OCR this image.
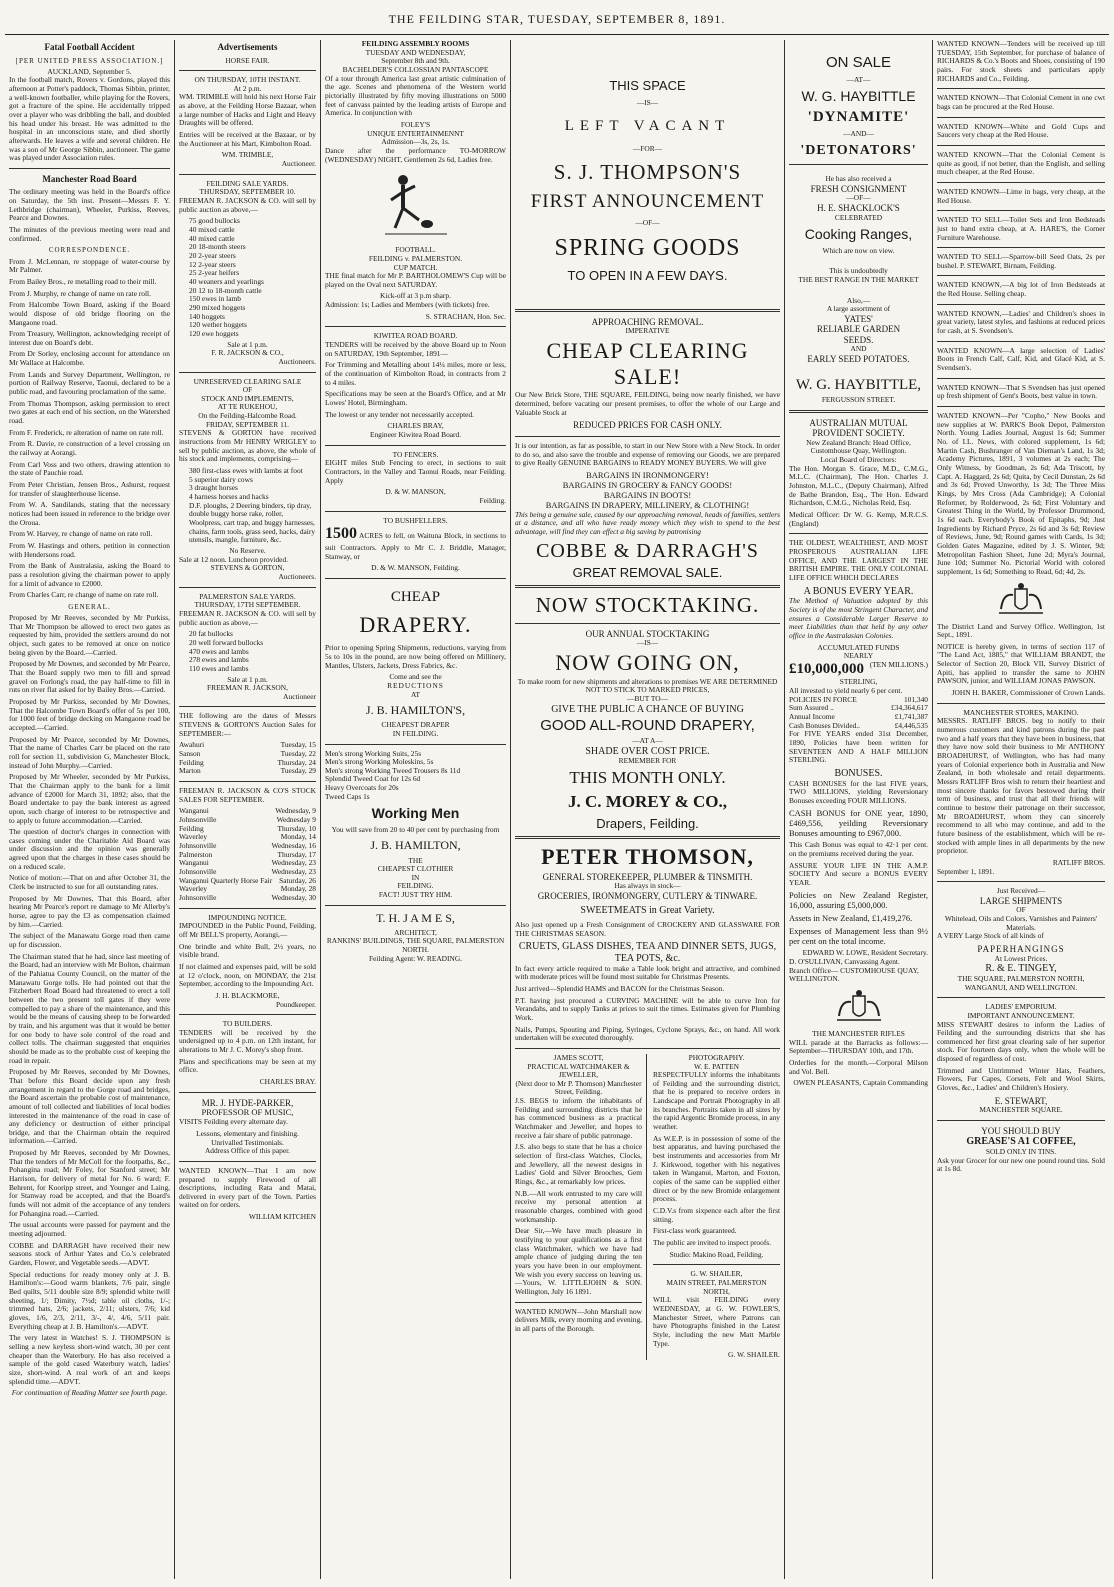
THE FEILDING STAR, TUESDAY, SEPTEMBER 8, 1891.
Fatal Football Accident
[PER UNITED PRESS ASSOCIATION.]
AUCKLAND, September 5.

In the football match, Rovers v. Gordons, played this afternoon at Potter's paddock, Thomas Sibbin, printer, a well-known footballer, while playing for the Rovers, got a fracture of the spine. He accidentally tripped over a player who was dribbling the ball, and doubled his head under his breast. He was admitted to the hospital in an unconscious state, and died shortly afterwards. He leaves a wife and several children. He was a son of Mr George Sibbin, auctioneer. The game was played under Association rules.

Manchester Road Board

The ordinary meeting was held in the Board's office on Saturday, the 5th inst. Present—Messrs F. Y. Lethbridge (chairman), Wheeler, Purkiss, Reeves, Pearce and Downes.

The minutes of the previous meeting were read and confirmed.

CORRESPONDENCE.

From J. McLennan, re stoppage of water-course by Mr Palmer.

From Bailey Bros., re metalling road to their mill.

From J. Murphy, re change of name on rate roll.

From Halcombe Town Board, asking if the Board would dispose of old bridge flooring on the Mangaone road.

From Treasury, Wellington, acknowledging receipt of interest due on Board's debt.

From Dr Sorley, enclosing account for attendance on Mr Wallace at Halcombe.

From Lands and Survey Department, Wellington, re portion of Railway Reserve, Taonui, declared to be a public road, and favouring proclamation of the same.

From Thomas Thompson, asking permission to erect two gates at each end of his section, on the Watershed road.

From F. Frederick, re alteration of name on rate roll.

From R. Davie, re construction of a level crossing on the railway at Aorangi.

From Carl Voss and two others, drawing attention to the state of Pauchie road.

From Peter Christian, Jensen Bros., Ashurst, request for transfer of slaughterhouse license.

From W. A. Sandilands, stating that the necessary notices had been issued in reference to the bridge over the Oroua.

From W. Harvey, re change of name on rate roll.

From W. Hastings and others, petition in connection with Hendersons road.

From the Bank of Australasia, asking the Board to pass a resolution giving the chairman power to apply for a limit of advance to £2000.

From Charles Carr, re change of name on rate roll.

GENERAL.

Proposed by Mr Reeves, seconded by Mr Purkiss, That Mr Thompson be allowed to erect two gates as requested by him, provided the settlers around do not object, such gates to be removed at once on notice being given by the Board.—Carried.

Proposed by Mr Downes, and seconded by Mr Pearce, That the Board supply two men to fill and spread gravel on Forlong's road, the pay half-time to fill in ruts on river flat asked for by Bailey Bros.—Carried.

Proposed by Mr Purkiss, seconded by Mr Downes, That the Halcombe Town Board's offer of 5s per 100, for 1000 feet of bridge decking on Mangaone road be accepted.—Carried.

Proposed by Mr Pearce, seconded by Mr Downes, That the name of Charles Carr be placed on the rate roll for section 11, subdivision G, Manchester Block, instead of John Murphy.—Carried.

Proposed by Mr Wheeler, seconded by Mr Purkiss, That the Chairman apply to the bank for a limit advance of £2000 for March 31, 1892; also, that the Board undertake to pay the bank interest as agreed upon, such charge of interest to be retrospective and to apply to future accommodation.—Carried.

The question of doctor's charges in connection with cases coming under the Charitable Aid Board was under discussion and the opinion was generally agreed upon that the charges in these cases should be on a reduced scale.

Notice of motion:—That on and after October 31, the Clerk be instructed to sue for all outstanding rates.

Proposed by Mr Downes, That this Board, after hearing Mr Pearce's report re damage to Mr Allerby's horse, agree to pay the £3 as compensation claimed by him.—Carried.

The subject of the Manawatu Gorge road then came up for discussion.

The Chairman stated that he had, since last meeting of the Board, had an interview with Mr Bolton, chairman of the Pahiatua County Council, on the matter of the Manawatu Gorge tolls. He had pointed out that the Fitzherbert Road Board had threatened to erect a toll between the two present toll gates if they were compelled to pay a share of the maintenance, and this would be the means of causing sheep to be forwarded by train, and his argument was that it would be better for one body to have sole control of the road and collect tolls. The chairman suggested that enquiries should be made as to the probable cost of keeping the road in repair.

Proposed by Mr Reeves, seconded by Mr Downes, That before this Board decide upon any fresh arrangement in regard to the Gorge road and bridges, the Board ascertain the probable cost of maintenance, amount of toll collected and liabilities of local bodies interested in the maintenance of the road in case of any deficiency or destruction of either principal bridge, and that the Chairman obtain the required information.—Carried.

Proposed by Mr Reeves, seconded by Mr Downes, That the tenders of Mr McColl for the footpaths, &c., Pohangina road; Mr Foley, for Stanford street; Mr Harrison, for delivery of metal for No. 6 ward; F. Behrent, for Kooripp street, and Younger and Laing, for Stanway road be accepted, and that the Board's funds will not admit of the acceptance of any tenders for Pohangina road.—Carried.

The usual accounts were passed for payment and the meeting adjourned.

COBBE and DARRAGH have received their new seasons stock of Arthur Yates and Co.'s celebrated Garden, Flower, and Vegetable seeds.—ADVT.

Special reductions for ready money only at J. B. Hamilton's:—Good warm blankets, 7/6 pair, single Bed quilts, 5/11 double size 8/9; splendid white twill sheeting, 1/; Dimity, 7½d; table oil cloths, 1/-; trimmed hats, 2/6; jackets, 2/11; ulsters, 7/6; kid gloves, 1/6, 2/3, 2/11, 3/-, 4/, 4/6, 5/11 pair. Everything cheap at J. B. Hamilton's.—ADVT.

The very latest in Watches! S. J. THOMPSON is selling a new keyless short-wind watch, 30 per cent cheaper than the Waterbury. He has also received a sample of the gold cased Waterbury watch, ladies' size, short-wind. A real work of art and keeps splendid time.—ADVT.

For continuation of Reading Matter see fourth page.
Advertisements
HORSE FAIR.
ON THURSDAY, 10TH INSTANT.
At 2 p.m.

WM. TRIMBLE will hold his next Horse Fair as above, at the Feilding Horse Bazaar, when a large number of Hacks and Light and Heavy Draughts will be offered.

Entries will be received at the Bazaar, or by the Auctioneer at his Mart, Kimbolton Road.

WM. TRIMBLE,
Auctioneer.
FEILDING SALE YARDS.
THURSDAY, SEPTEMBER 10.

FREEMAN R. JACKSON & CO. will sell by public auction as above,—

75 good bullocks
40 mixed cattle
40 mixed cattle
20 18-month steers
20 2-year steers
12 2-year steers
25 2-year heifers
40 weaners and yearlings
20 12 to 18-month cattle
150 ewes in lamb
290 mixed hoggets
140 hoggets
120 wether hoggets
120 ewe hoggets
Sale at 1 p.m.
F. R. JACKSON & CO.,
Auctioneers.
UNRESERVED CLEARING SALE
OF
STOCK AND IMPLEMENTS,
AT TE RUKEHOU,
On the Feilding-Halcombe Road.
FRIDAY, SEPTEMBER 11.

STEVENS & GORTON have received instructions from Mr HENRY WRIGLEY to sell by public auction, as above, the whole of his stock and implements, comprising—

380 first-class ewes with lambs at foot
5 superior dairy cows
3 draught horses
4 harness horses and hacks
D.F. ploughs, 2 Deering binders, tip dray, double buggy horse rake, roller, Woolpress, cart trap, and buggy harnesses, chains, farm tools, grass seed, hacks, dairy utensils, mangle, furniture, &c.
No Reserve.
Sale at 12 noon. Luncheon provided.
STEVENS & GORTON,
Auctioneers.
PALMERSTON SALE YARDS.
THURSDAY, 17TH SEPTEMBER.

FREEMAN R. JACKSON & CO. will sell by public auction as above,—

20 fat bullocks
20 well forward bullocks
470 ewes and lambs
278 ewes and lambs
110 ewes and lambs
Sale at 1 p.m.
FREEMAN R. JACKSON,
Auctioneer

THE following are the dates of Messrs STEVENS & GORTON'S Auction Sales for SEPTEMBER:—

Awahuri	Tuesday, 15
Sanson	Tuesday, 22
Feilding	Thursday, 24
Marton	Tuesday, 29

FREEMAN R. JACKSON & CO'S STOCK SALES FOR SEPTEMBER.

Wanganui	Wednesday, 9
Johnsonville	Wednesday 9
Feilding	Thursday, 10
Waverley	Monday, 14
Johnsonville	Wednesday, 16
Palmerston	Thursday, 17
Wanganui	Wednesday, 23
Johnsonville	Wednesday, 23
Wanganui Quarterly Horse Fair Saturday, 26
Waverley	Monday, 28
Johnsonville	Wednesday, 30
IMPOUNDING NOTICE.

IMPOUNDED in the Public Pound, Feilding, off Mr BELL'S property, Aorangi,—

One brindle and white Bull, 2½ years, no visible brand.

If not claimed and expenses paid, will be sold at 12 o'clock, noon, on MONDAY, the 21st September, according to the Impounding Act.

J. H. BLACKMORE,
Poundkeeper.
TO BUILDERS.

TENDERS will be received by the undersigned up to 4 p.m. on 12th instant, for alterations to Mr J. C. Morey's shop front.

Plans and specifications may be seen at my office.

CHARLES BRAY.
MR. J. HYDE-PARKER,
PROFESSOR OF MUSIC,

VISITS Feilding every alternate day.

Lessons, elementary and finishing.
Unrivalled Testimonials.
Address Office of this paper.

WANTED KNOWN—That I am now prepared to supply Firewood of all descriptions, including Rata and Matai, delivered in every part of the Town. Parties waited on for orders.

WILLIAM KITCHEN
FEILDING ASSEMBLY ROOMS
TUESDAY AND WEDNESDAY,
September 8th and 9th.
BACHELDER'S COLLOSSIAN PANTASCOPE

Of a tour through America last great artistic culmination of the age. Scenes and phenomena of the Western world pictorially illustrated by fifty moving illustrations on 5000 feet of canvass painted by the leading artists of Europe and America. In conjunction with

FOLEY'S
UNIQUE ENTERTAINMENNT
Admission—3s, 2s, 1s.

Dance after the performance TO-MORROW (WEDNESDAY) NIGHT, Gentlemen 2s 6d, Ladies free.

FOOTBALL.
FEILDING v. PALMERSTON.
CUP MATCH.

THE final match for Mr P. BARTHOLOMEW'S Cup will be played on the Oval next SATURDAY.

Kick-off at 3 p.m sharp.

Admission: 1s; Ladies and Members (with tickets) free.

S. STRACHAN, Hon. Sec.
KIWITEA ROAD BOARD.

TENDERS will be received by the above Board up to Noon on SATURDAY, 19th September, 1891—

For Trimming and Metalling about 14¼ miles, more or less, of the continuation of Kimbolton Road, in contracts from 2 to 4 miles.

Specifications may be seen at the Board's Office, and at Mr Lowes' Hotel, Birmingham.

The lowest or any tender not necessarily accepted.

CHARLES BRAY,
Engineer Kiwitea Road Board.
TO FENCERS.

EIGHT miles Stub Fencing to erect, in sections to suit Contractors, in the Valley and Taonui Roads, near Feilding. Apply

D. & W. MANSON,
Feilding.
TO BUSHFELLERS.

1500 ACRES to fell, on Waituna Block, in sections to suit Contractors. Apply to Mr C. J. Briddle, Manager, Stanway, or

D. & W. MANSON, Feilding.
CHEAP
DRAPERY.

Prior to opening Spring Shipments, reductions, varying from 5s to 10s in the pound, are now being offered on Millinery, Mantles, Ulsters, Jackets, Dress Fabrics, &c.

Come and see the
REDUCTIONS
AT
J. B. HAMILTON'S,
CHEAPEST DRAPER
IN FEILDING.
Men's strong Working Suits, 25s
Men's strong Working Moleskins, 5s
Men's strong Working Tweed Trousers 8s 11d
Splendid Tweed Coat for 12s 6d
Heavy Overcoats for 20s
Tweed Caps 1s
Working Men
You will save from 20 to 40 per cent by purchasing from
J. B. HAMILTON,
THE
CHEAPEST CLOTHIER
IN
FEILDING.
FACT! JUST TRY HIM.
T. H. J A M E S,
ARCHITECT,
RANKINS' BUILDINGS, THE SQUARE, PALMERSTON NORTH.
Feilding Agent: W. READING.
THIS SPACE
—IS—
LEFT VACANT
—FOR—
S. J. THOMPSON'S
FIRST ANNOUNCEMENT
—OF—
SPRING GOODS
TO OPEN IN A FEW DAYS.
APPROACHING REMOVAL.
IMPERATIVE
CHEAP CLEARING SALE!

Our New Brick Store, THE SQUARE, FEILDING, being now nearly finished, we have determined, before vacating our present premises, to offer the whole of our Large and Valuable Stock at

REDUCED PRICES FOR CASH ONLY.

It is our intention, as far as possible, to start in our New Store with a New Stock. In order to do so, and also save the trouble and expense of removing our Goods, we are prepared to give Really GENUINE BARGAINS to READY MONEY BUYERS. We will give

BARGAINS IN IRONMONGERY!
BARGAINS IN GROCERY & FANCY GOODS!
BARGAINS IN BOOTS!
BARGAINS IN DRAPERY, MILLINERY, & CLOTHING!

This being a genuine sale, caused by our approaching removal, heads of families, settlers at a distance, and all who have ready money which they wish to spend to the best advantage, will find they can effect a big saving by patronising

COBBE & DARRAGH'S
GREAT REMOVAL SALE.
NOW STOCKTAKING.
OUR ANNUAL STOCKTAKING
—IS—
NOW GOING ON,
To make room for new shipments and alterations to premises WE ARE DETERMINED NOT TO STICK TO MARKED PRICES,
—BUT TO—
GIVE THE PUBLIC A CHANCE OF BUYING
GOOD ALL-ROUND DRAPERY,
—AT A—
SHADE OVER COST PRICE.
REMEMBER FOR
THIS MONTH ONLY.
J. C. MOREY & CO.,
Drapers, Feilding.
PETER THOMSON,
GENERAL STOREKEEPER, PLUMBER & TINSMITH.
Has always in stock—
GROCERIES, IRONMONGERY, CUTLERY & TINWARE.
SWEETMEATS in Great Variety.

Also just opened up a Fresh Consignment of CROCKERY AND GLASSWARE FOR THE CHRISTMAS SEASON.

CRUETS, GLASS DISHES, TEA AND DINNER SETS, JUGS, TEA POTS, &c.

In fact every article required to make a Table look bright and attractive, and combined with moderate prices will be found most suitable for Christmas Presents.

Just arrived—Splendid HAMS and BACON for the Christmas Season.

P.T. having just procured a CURVING MACHINE will be able to curve Iron for Verandahs, and to supply Tanks at prices to suit the times. Estimates given for Plumbing Work.

Nails, Pumps, Spouting and Piping, Syringes, Cyclone Sprays, &c., on hand. All work undertaken will be executed thoroughly.

JAMES SCOTT,
PRACTICAL WATCHMAKER & JEWELLER,
(Next door to Mr P. Thomson) Manchester Street, Feilding.

J.S. BEGS to inform the inhabitants of Feilding and surrounding districts that he has commenced business as a practical Watchmaker and Jeweller, and hopes to receive a fair share of public patronage.

J.S. also begs to state that he has a choice selection of first-class Watches, Clocks, and Jewellery, all the newest designs in Ladies' Gold and Silver Brooches, Gem Rings, &c., at remarkably low prices.

N.B.—All work entrusted to my care will receive my personal attention at reasonable charges, combined with good workmanship.

Dear Sir,—We have much pleasure in testifying to your qualifications as a first class Watchmaker, which we have had ample chance of judging during the ten years you have been in our employment. We wish you every success on leaving us.—Yours, W. LITTLEJOHN & SON. Wellington, July 16 1891.

WANTED KNOWN—John Marshall now delivers Milk, every morning and evening, in all parts of the Borough.

PHOTOGRAPHY.
W. E. PATTEN

RESPECTFULLY informs the inhabitants of Feilding and the surrounding district, that he is prepared to receive orders in Landscape and Portrait Photography in all its branches. Portraits taken in all sizes by the rapid Argentic Bromide process, in any weather.

As W.E.P. is in possession of some of the best apparatus, and having purchased the best instruments and accessories from Mr J. Kirkwood, together with his negatives taken in Wanganui, Marton, and Foxton, copies of the same can be supplied either direct or by the new Bromide enlargement process.

C.D.V.s from sixpence each after the first sitting.

First-class work guaranteed.

The public are invited to inspect proofs.

Studio: Makino Road, Feilding.
G. W. SHAILER,
MAIN STREET, PALMERSTON NORTH,

WILL visit FEILDING every WEDNESDAY, at G. W. FOWLER'S, Manchester Street, where Patrons can have Photographs finished in the Latest Style, including the new Matt Marble Type.

G. W. SHAILER.
ON SALE
—AT—
W. G. HAYBITTLE
'DYNAMITE'
—AND—
'DETONATORS'
He has also received a
FRESH CONSIGNMENT
—OF—
H. E. SHACKLOCK'S
CELEBRATED
Cooking Ranges,
Which are now on view.
This is undoubtedly
THE BEST RANGE IN THE MARKET
Also,—
A large assortment of
YATES'
RELIABLE GARDEN
SEEDS.
AND
EARLY SEED POTATOES.
W. G. HAYBITTLE,
FERGUSSON STREET.
AUSTRALIAN MUTUAL PROVIDENT SOCIETY.
New Zealand Branch: Head Office, Customhouse Quay, Wellington.
Local Board of Directors:

The Hon. Morgan S. Grace, M.D., C.M.G., M.L.C. (Chairman), The Hon. Charles J. Johnston, M.L.C., (Deputy Chairman), Alfred de Bathe Brandon, Esq., The Hon. Edward Richardson, C.M.G., Nicholas Reid, Esq.

Medical Officer: Dr W. G. Kemp, M.R.C.S. (England)

THE OLDEST, WEALTHIEST, AND MOST PROSPEROUS AUSTRALIAN LIFE OFFICE, AND THE LARGEST IN THE BRITISH EMPIRE. THE ONLY COLONIAL LIFE OFFICE WHICH DECLARES

A BONUS EVERY YEAR.

The Method of Valuation adopted by this Society is of the most Stringent Character, and ensures a Considerable Larger Reserve to meet Liabilities than that held by any other office in the Australasian Colonies.

ACCUMULATED FUNDS
NEARLY
£10,000,000 (TEN MILLIONS.)
STERLING,
All invested to yield nearly 6 per cent.
POLICIES IN FORCE	101,340
Sum Assured ..	£34,364,617
Annual Income	£1,741,387
Cash Bonuses Divided..	£4,446,535

For FIVE YEARS ended 31st December, 1890, Policies have been written for SEVENTEEN AND A HALF MILLION STERLING.

BONUSES.

CASH BONUSES for the last FIVE years, TWO MILLIONS, yielding Reversionary Bonuses exceeding FOUR MILLIONS.

CASH BONUS for ONE year, 1890, £469,556, yeilding Reversionary Bonuses amounting to £967,000.

This Cash Bonus was equal to 42·1 per cent. on the premiums received during the year.

ASSURE YOUR LIFE IN THE A.M.P. SOCIETY And secure a BONUS EVERY YEAR.

Policies on New Zealand Register, 16,000, assuring £5,000,000.

Assets in New Zealand, £1,419,276.

Expenses of Management less than 9½ per cent on the total income.

EDWARD W. LOWE, Resident Secretary.
D. O'SULLIVAN, Canvassing Agent.
Branch Office— CUSTOMHOUSE QUAY, WELLINGTON.
THE MANCHESTER RIFLES

WILL parade at the Barracks as follows:— September—THURSDAY 10th, and 17th.

Orderlies for the month.—Corporal Milson and Vol. Bell.

OWEN PLEASANTS, Captain Commanding

WANTED KNOWN—Tenders will be received up till TUESDAY, 15th September, for purchase of balance of RICHARDS & Co.'s Boots and Shoes, consisting of 190 pairs. For stock sheets and particulars apply RICHARDS and Co., Feilding.

WANTED KNOWN—That Colonial Cement in one cwt bags can be procured at the Red House.

WANTED KNOWN—White and Gold Cups and Saucers very cheap at the Red House.

WANTED KNOWN—That the Colonial Cement is quite as good, if not better, than the English, and selling much cheaper, at the Red House.

WANTED KNOWN—Lime in bags, very cheap, at the Red House.

WANTED TO SELL—Toilet Sets and Iron Bedsteads just to hand extra cheap, at A. HARE'S, the Corner Furniture Warehouse.

WANTED TO SELL—Sparrow-bill Seed Oats, 2s per bushel. P. STEWART, Birnam, Feilding.

WANTED KNOWN,—A big lot of Iron Bedsteads at the Red House. Selling cheap.

WANTED KNOWN,—Ladies' and Children's shoes in great variety, latest styles, and fashions at reduced prices for cash, at S. Svendsen's.

WANTED KNOWN—A large selection of Ladies' Boots in French Calf, Calf, Kid, and Glacé Kid, at S. Svendsen's.

WANTED KNOWN—That S Svendsen has just opened up fresh shipment of Gent's Boots, best value in town.

WANTED KNOWN—Per "Copho," New Books and new supplies at W. PARK'S Book Depot, Palmerston North. Young Ladies Journal, August 1s 6d; Summer No. of I.L. News, with colored supplement, 1s 6d; Martin Cash, Bushranger of Van Dieman's Land, 1s 3d; Academy Pictures, 1891, 3 volumes at 2s each; The Only Witness, by Goodman, 2s 6d; Ada Triscott, by Capt. A. Haggard, 2s 6d; Quita, by Cecil Dunstan, 2s 6d and 3s 6d; Proved Unworthy, 1s 3d; The Three Miss Kings, by Mrs Cross (Ada Cambridge); A Colonial Reformer, by Rolderwood, 2s 6d; First Voluntary and Greatest Thing in the World, by Professor Drummond, 1s 6d each. Everybody's Book of Epitaphs, 9d; Just Ingredients by Richard Pryce, 2s 6d and 3s 6d; Review of Reviews, June, 9d; Round games with Cards, 1s 3d; Golden Gates Magazine, edited by J. S. Winter, 9d; Metropolitan Fashion Sheet, June 2d; Myra's Journal, June 10d; Summer No. Pictorial World with colored supplement, 1s 6d; Something to Read, 6d; 4d, 2s.

The District Land and Survey Office. Wellington, 1st Sept., 1891.

NOTICE is hereby given, in terms of section 117 of "The Land Act, 1885," that WILLIAM BRANDT, the Selector of Section 20, Block VII, Survey District of Apiti, has applied to transfer the same to JOHN PAWSON, junior, and WILLIAM JONAS PAWSON.

JOHN H. BAKER, Commissioner of Crown Lands.
MANCHESTER STORES, MAKINO.

MESSRS. RATLIFF BROS. beg to notify to their numerous customers and kind patrons during the past two and a half years that they have been in business, that they have now sold their business to Mr ANTHONY BROADHURST, of Wellington, who has had many years of Colonial experience both in Australia and New Zealand, in both wholesale and retail departments. Messrs RATLIFF Bros wish to return their heartiest and most sincere thanks for favors bestowed during their term of business, and trust that all their friends will continue to bestow their patronage on their successor, Mr BROADHURST, whom they can sincerely recommend to all who may continue, and add to the future business of the establishment, which will be re-stocked with ample lines in all departments by the new proprietor.

RATLIFF BROS.
September 1, 1891.
Just Received—
LARGE SHIPMENTS
OF
Whitelead, Oils and Colors, Varnishes and Painters' Materials.

A VERY Large Stock of all kinds of

PAPERHANGINGS
At Lowest Prices.
R. & E. TINGEY,
THE SQUARE, PALMERSTON NORTH, WANGANUI, AND WELLINGTON.
LADIES' EMPORIUM.
IMPORTANT ANNOUNCEMENT.

MISS STEWART desires to inform the Ladies of Feilding and the surrounding districts that she has commenced her first great clearing sale of her superior stock. For fourteen days only, when the whole will be disposed of regardless of cost.

Trimmed and Untrimmed Winter Hats, Feathers, Flowers, Fur Capes, Corsets, Felt and Wool Skirts, Gloves, &c., Ladies' and Children's Hosiery.

E. STEWART,
MANCHESTER SQUARE.
YOU SHOULD BUY
GREASE'S A1 COFFEE,
SOLD ONLY IN TINS.

Ask your Grocer for our new one pound round tins. Sold at 1s 8d.
